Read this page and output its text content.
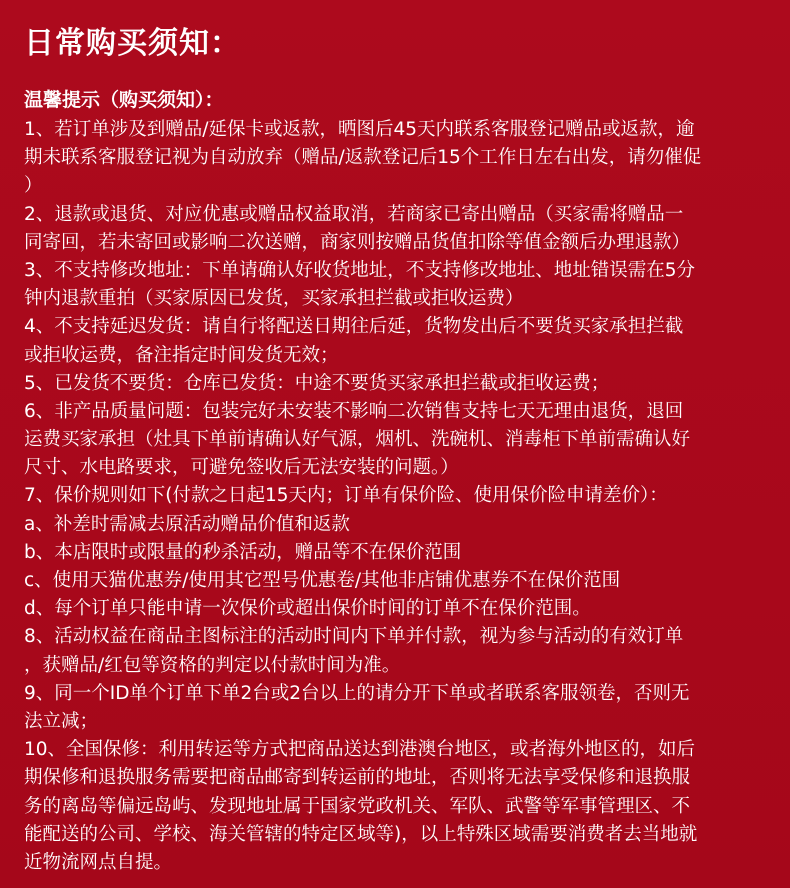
日常购买须知：
温馨提示（购买须知）：
1、若订单涉及到赠品/延保卡或返款，晒图后45天内联系客服登记赠品或返款，逾
期未联系客服登记视为自动放弃（赠品/返款登记后15个工作日左右出发，请勿催促
）
2、退款或退货、对应优惠或赠品权益取消，若商家已寄出赠品（买家需将赠品一
同寄回，若未寄回或影响二次送赠，商家则按赠品货值扣除等值金额后办理退款）
3、不支持修改地址：下单请确认好收货地址，不支持修改地址、地址错误需在5分
钟内退款重拍（买家原因已发货，买家承担拦截或拒收运费）
4、不支持延迟发货：请自行将配送日期往后延，货物发出后不要货买家承担拦截
或拒收运费，备注指定时间发货无效；
5、已发货不要货：仓库已发货：中途不要货买家承担拦截或拒收运费；
6、非产品质量问题：包装完好未安装不影响二次销售支持七天无理由退货，退回
运费买家承担（灶具下单前请确认好气源，烟机、洗碗机、消毒柜下单前需确认好
尺寸、水电路要求，可避免签收后无法安装的问题。）
7、保价规则如下(付款之日起15天内；订单有保价险、使用保价险申请差价）：
a、补差时需减去原活动赠品价值和返款
b、本店限时或限量的秒杀活动，赠品等不在保价范围
c、使用天猫优惠券/使用其它型号优惠卷/其他非店铺优惠券不在保价范围
d、每个订单只能申请一次保价或超出保价时间的订单不在保价范围。
8、活动权益在商品主图标注的活动时间内下单并付款，视为参与活动的有效订单
，获赠品/红包等资格的判定以付款时间为准。
9、同一个ID单个订单下单2台或2台以上的请分开下单或者联系客服领卷，否则无
法立减；
10、全国保修：利用转运等方式把商品送达到港澳台地区，或者海外地区的，如后
期保修和退换服务需要把商品邮寄到转运前的地址，否则将无法享受保修和退换服
务的离岛等偏远岛屿、发现地址属于国家党政机关、军队、武警等军事管理区、不
能配送的公司、学校、海关管辖的特定区域等)，以上特殊区域需要消费者去当地就
近物流网点自提。
